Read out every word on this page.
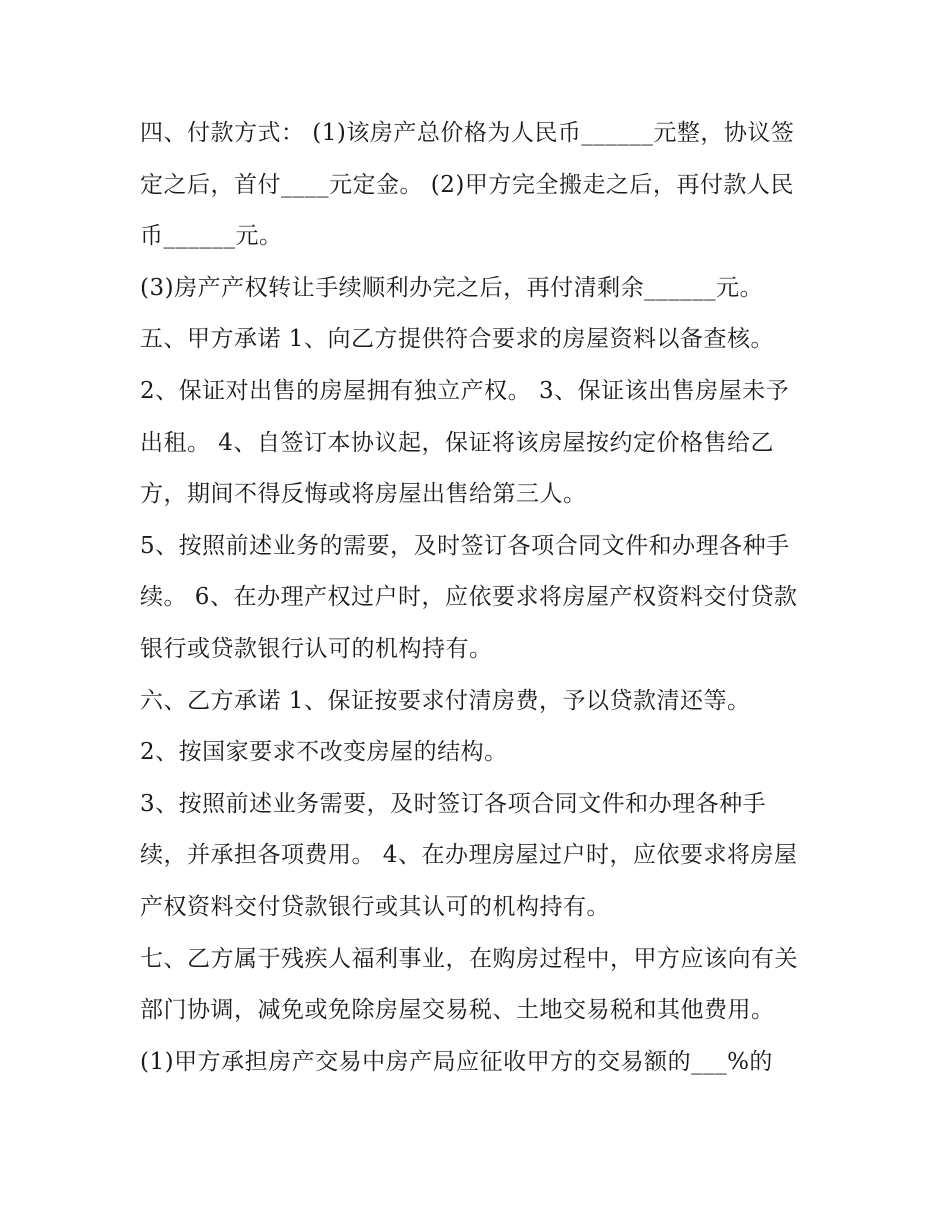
四、付款方式： (1)该房产总价格为人民币______元整，协议签定之后，首付____元定金。 (2)甲方完全搬走之后，再付款人民币______元。

(3)房产产权转让手续顺利办完之后，再付清剩余______元。

五、甲方承诺 1、向乙方提供符合要求的房屋资料以备查核。

2、保证对出售的房屋拥有独立产权。 3、保证该出售房屋未予出租。 4、自签订本协议起，保证将该房屋按约定价格售给乙方，期间不得反悔或将房屋出售给第三人。

5、按照前述业务的需要，及时签订各项合同文件和办理各种手续。 6、在办理产权过户时，应依要求将房屋产权资料交付贷款银行或贷款银行认可的机构持有。

六、乙方承诺 1、保证按要求付清房费，予以贷款清还等。

2、按国家要求不改变房屋的结构。

3、按照前述业务需要，及时签订各项合同文件和办理各种手续，并承担各项费用。 4、在办理房屋过户时，应依要求将房屋产权资料交付贷款银行或其认可的机构持有。

七、乙方属于残疾人福利事业，在购房过程中，甲方应该向有关部门协调，减免或免除房屋交易税、土地交易税和其他费用。

(1)甲方承担房产交易中房产局应征收甲方的交易额的___%的
